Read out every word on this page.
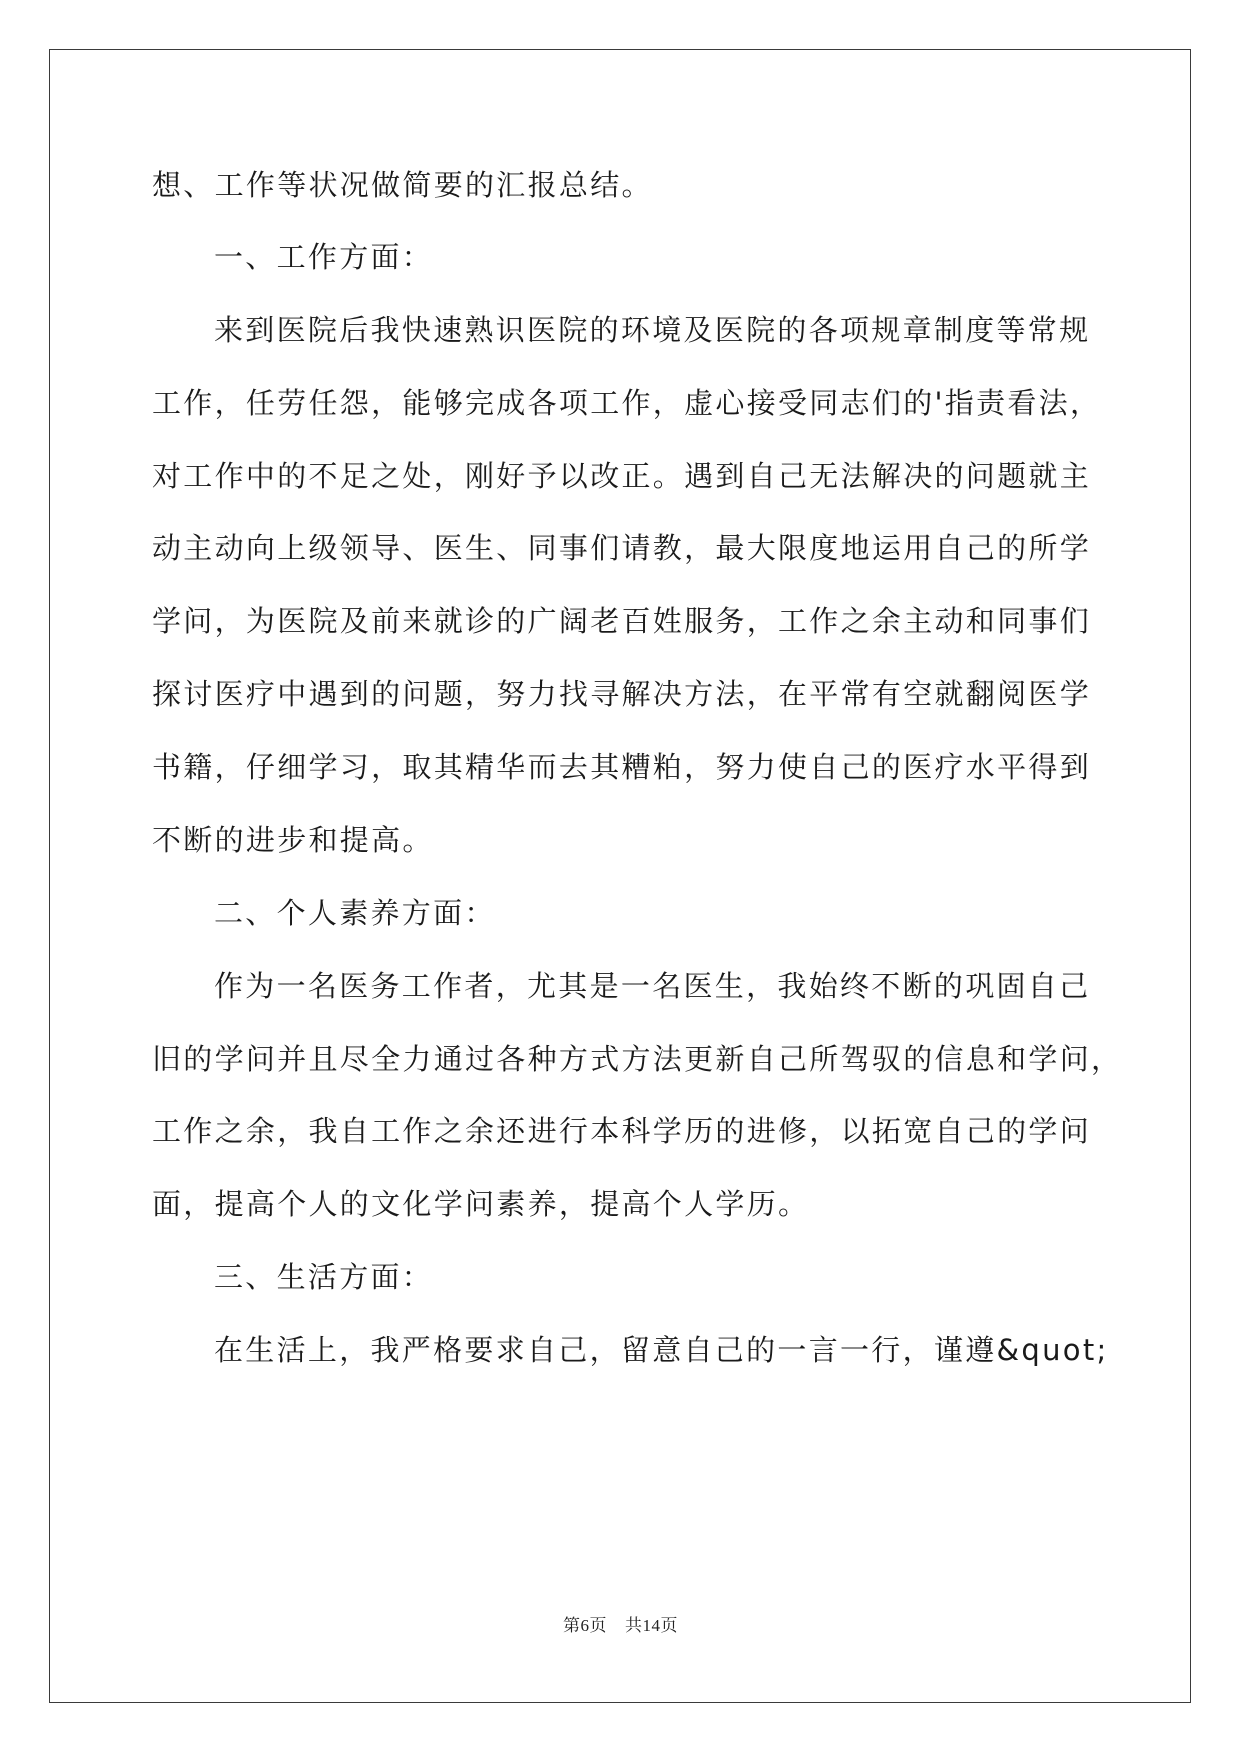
想、工作等状况做简要的汇报总结。
一、工作方面：
来到医院后我快速熟识医院的环境及医院的各项规章制度等常规
工作，任劳任怨，能够完成各项工作，虚心接受同志们的'指责看法，
对工作中的不足之处，刚好予以改正。遇到自己无法解决的问题就主
动主动向上级领导、医生、同事们请教，最大限度地运用自己的所学
学问，为医院及前来就诊的广阔老百姓服务，工作之余主动和同事们
探讨医疗中遇到的问题，努力找寻解决方法，在平常有空就翻阅医学
书籍，仔细学习，取其精华而去其糟粕，努力使自己的医疗水平得到
不断的进步和提高。
二、个人素养方面：
作为一名医务工作者，尤其是一名医生，我始终不断的巩固自己
旧的学问并且尽全力通过各种方式方法更新自己所驾驭的信息和学问，
工作之余，我自工作之余还进行本科学历的进修，以拓宽自己的学问
面，提高个人的文化学问素养，提高个人学历。
三、生活方面：
在生活上，我严格要求自己，留意自己的一言一行，谨遵&quot;
第6页 共14页
